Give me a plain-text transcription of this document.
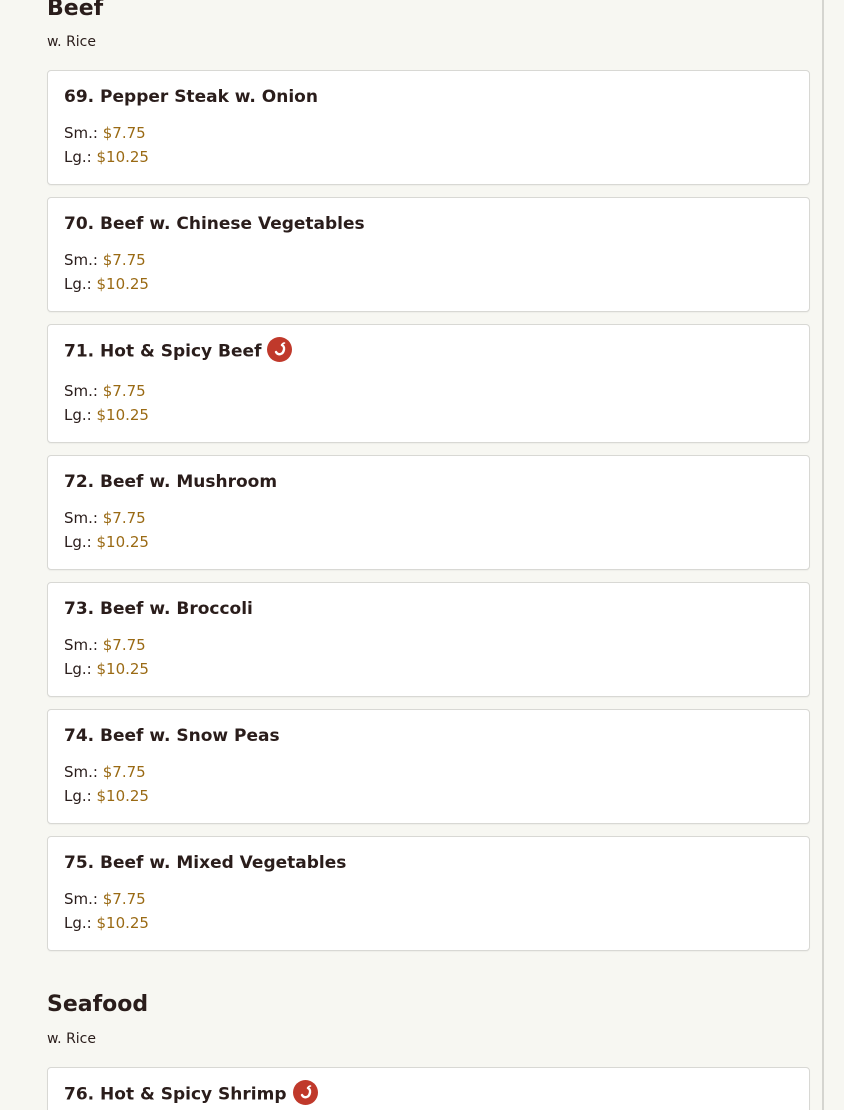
Beef
w. Rice
69. Pepper Steak w. Onion
Sm.: $7.75
Lg.: $10.25
70. Beef w. Chinese Vegetables
Sm.: $7.75
Lg.: $10.25
71. Hot & Spicy Beef
Sm.: $7.75
Lg.: $10.25
72. Beef w. Mushroom
Sm.: $7.75
Lg.: $10.25
73. Beef w. Broccoli
Sm.: $7.75
Lg.: $10.25
74. Beef w. Snow Peas
Sm.: $7.75
Lg.: $10.25
75. Beef w. Mixed Vegetables
Sm.: $7.75
Lg.: $10.25
Seafood
w. Rice
76. Hot & Spicy Shrimp
